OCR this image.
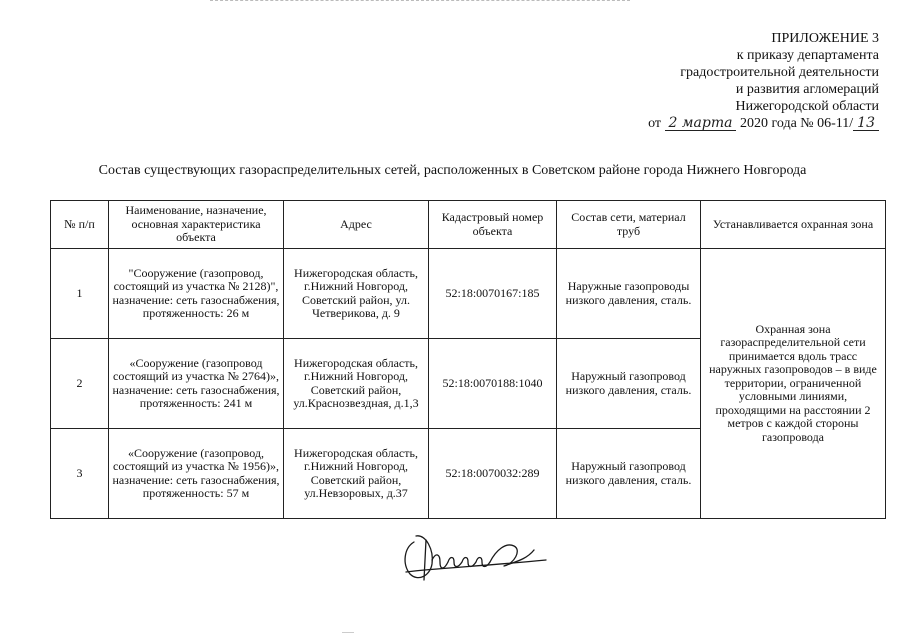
ПРИЛОЖЕНИЕ 3
к приказу департамента
градостроительной деятельности
и развития агломераций
Нижегородской области
от 2 марта 2020 года № 06-11/ 13
Состав существующих газораспределительных сетей, расположенных в Советском районе города Нижнего Новгорода
№ п/п	Наименование, назначение, основная характеристика объекта	Адрес	Кадастровый номер объекта	Состав сети, материал труб	Устанавливается охранная зона
1	"Сооружение (газопровод, состоящий из участка № 2128)", назначение: сеть газоснабжения, протяженность: 26 м	Нижегородская область, г.Нижний Новгород, Советский район, ул. Четверикова, д. 9	52:18:0070167:185	Наружные газопроводы низкого давления, сталь.	Охранная зона газораспределительной сети принимается вдоль трасс наружных газопроводов – в виде территории, ограниченной условными линиями, проходящими на расстоянии 2 метров с каждой стороны газопровода
2	«Сооружение (газопровод состоящий из участка № 2764)», назначение: сеть газоснабжения, протяженность: 241 м	Нижегородская область, г.Нижний Новгород, Советский район, ул.Краснозвездная, д.1,3	52:18:0070188:1040	Наружный газопровод низкого давления, сталь.	
3	«Сооружение (газопровод, состоящий из участка № 1956)», назначение: сеть газоснабжения, протяженность: 57 м	Нижегородская область, г.Нижний Новгород, Советский район, ул.Невзоровых, д.37	52:18:0070032:289	Наружный газопровод низкого давления, сталь.	
